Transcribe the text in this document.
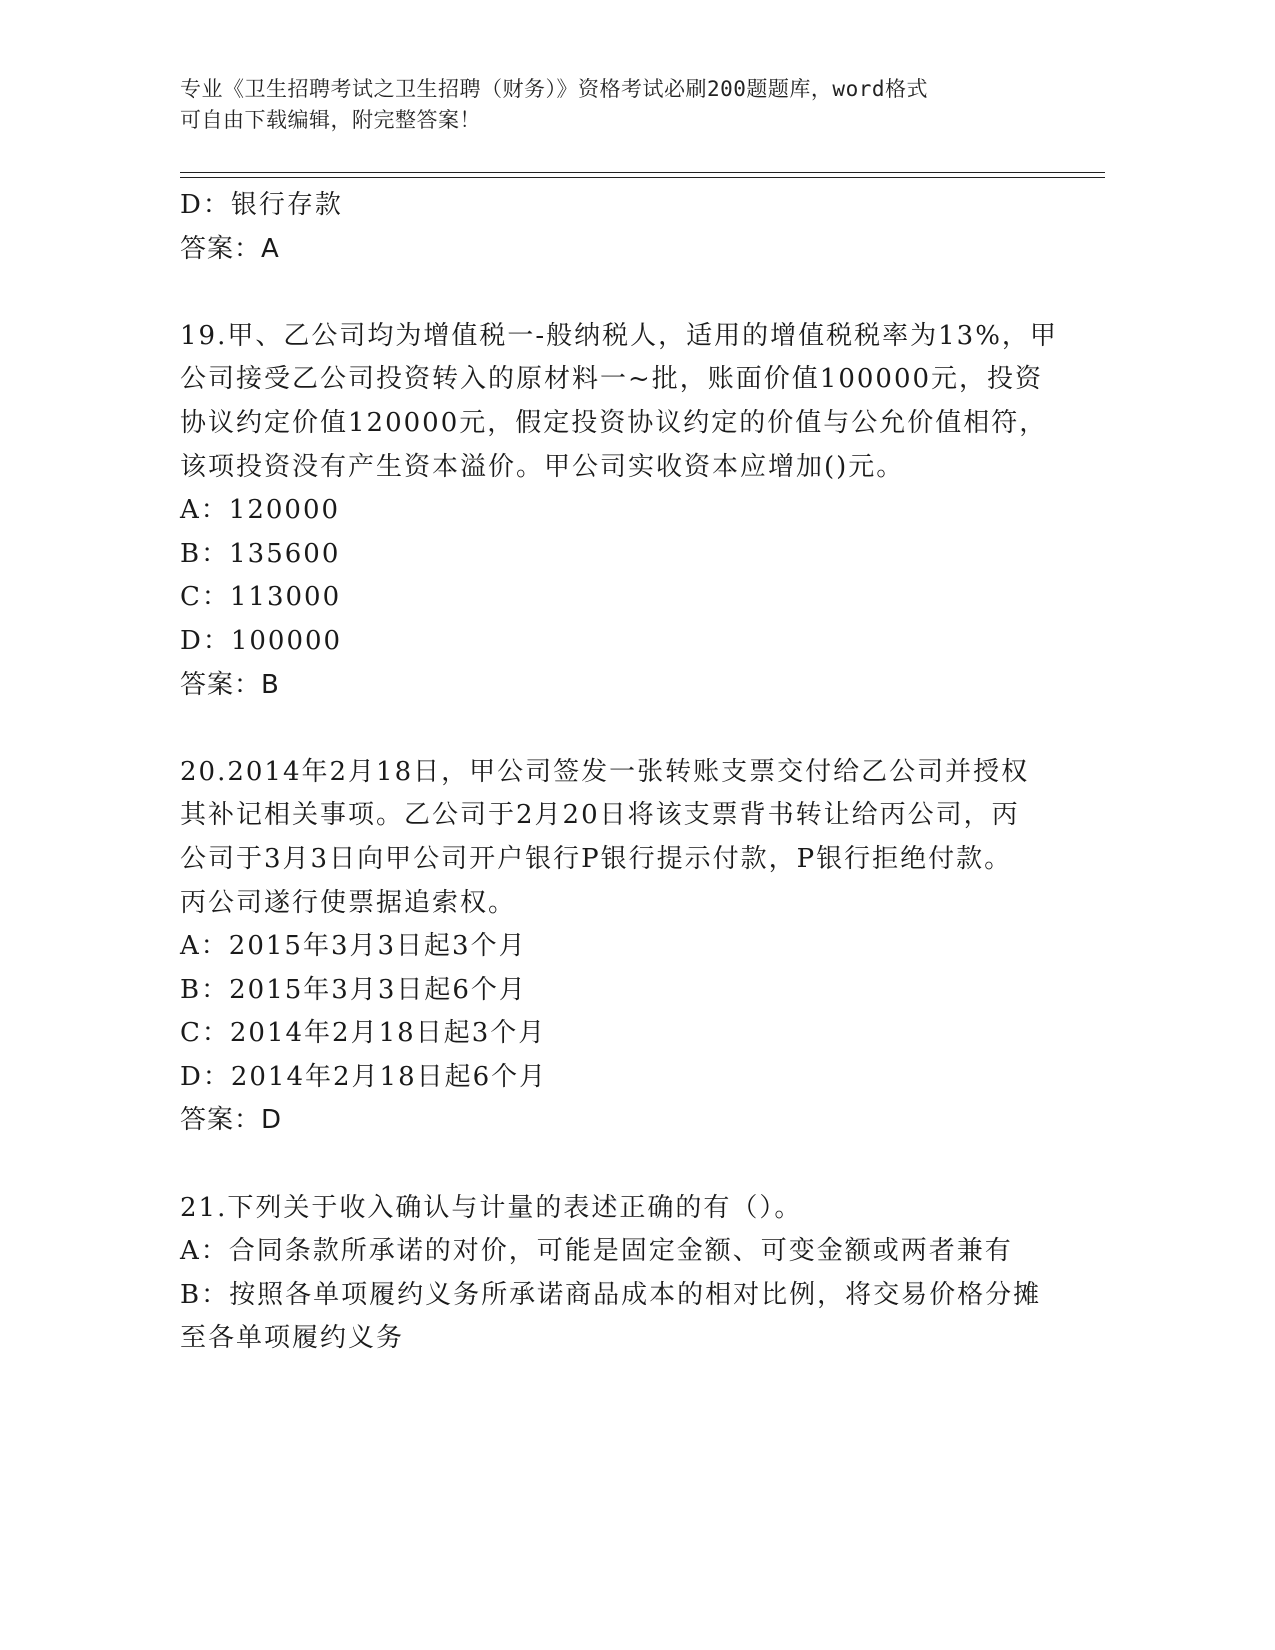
专业《卫生招聘考试之卫生招聘（财务）》资格考试必刷200题题库，word格式
可自由下载编辑，附完整答案！
D：银行存款
答案：A
19.甲、乙公司均为增值税一-般纳税人，适用的增值税税率为13%，甲
公司接受乙公司投资转入的原材料一~批，账面价值100000元，投资
协议约定价值120000元，假定投资协议约定的价值与公允价值相符，
该项投资没有产生资本溢价。甲公司实收资本应增加()元。
A：120000
B：135600
C：113000
D：100000
答案：B
20.2014年2月18日，甲公司签发一张转账支票交付给乙公司并授权
其补记相关事项。乙公司于2月20日将该支票背书转让给丙公司，丙
公司于3月3日向甲公司开户银行P银行提示付款，P银行拒绝付款。
丙公司遂行使票据追索权。
A：2015年3月3日起3个月
B：2015年3月3日起6个月
C：2014年2月18日起3个月
D：2014年2月18日起6个月
答案：D
21.下列关于收入确认与计量的表述正确的有（）。
A：合同条款所承诺的对价，可能是固定金额、可变金额或两者兼有
B：按照各单项履约义务所承诺商品成本的相对比例，将交易价格分摊
至各单项履约义务
